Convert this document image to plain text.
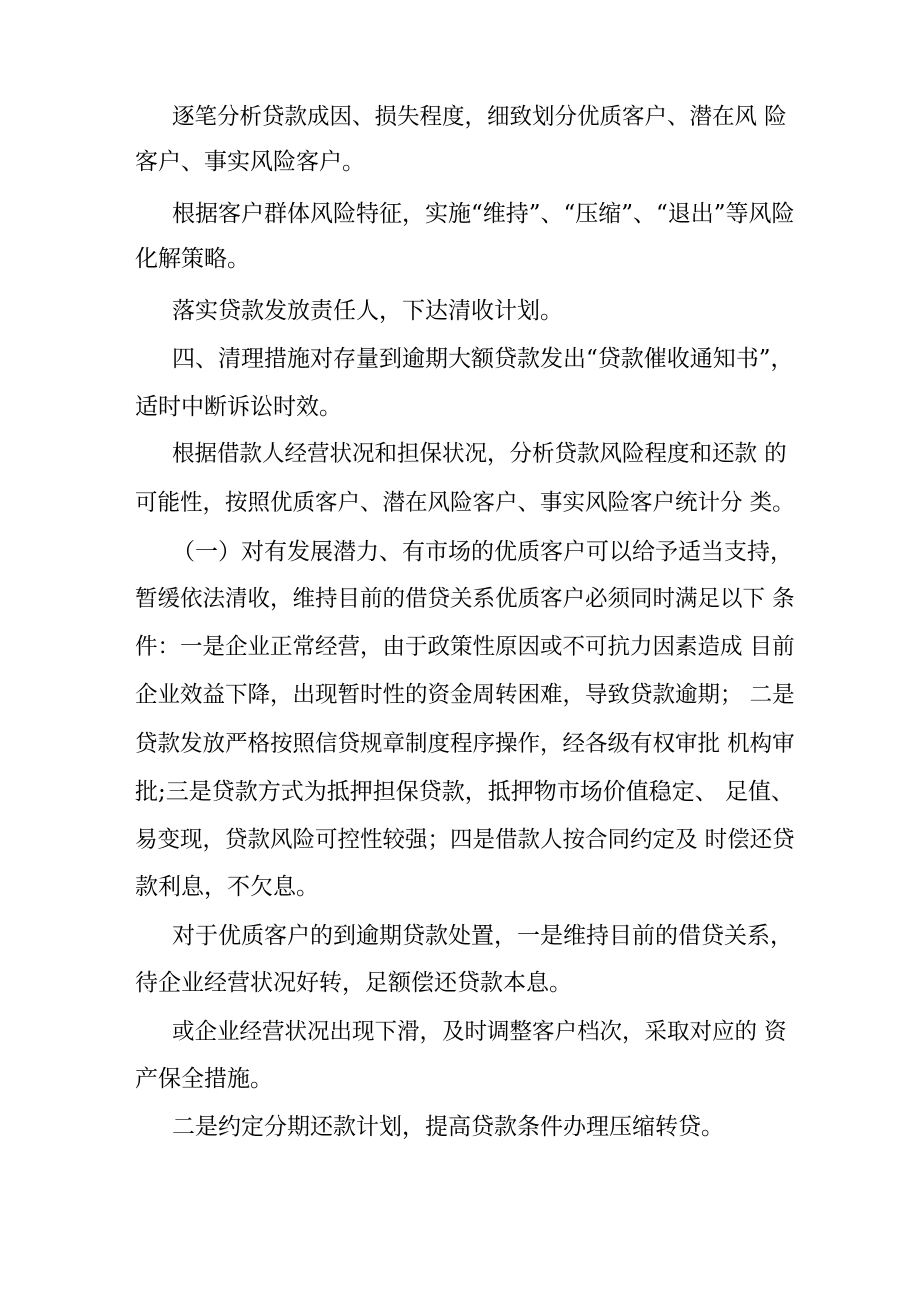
逐笔分析贷款成因、损失程度，细致划分优质客户、潜在风 险
客户、事实风险客户。
根据客户群体风险特征，实施“维持”、“压缩”、“退出”等风险
化解策略。
落实贷款发放责任人，下达清收计划。
四、清理措施对存量到逾期大额贷款发出“贷款催收通知书”，
适时中断诉讼时效。
根据借款人经营状况和担保状况，分析贷款风险程度和还款 的
可能性，按照优质客户、潜在风险客户、事实风险客户统计分 类。
（一）对有发展潜力、有市场的优质客户可以给予适当支持，
暂缓依法清收，维持目前的借贷关系优质客户必须同时满足以下 条
件：一是企业正常经营，由于政策性原因或不可抗力因素造成 目前
企业效益下降，出现暂时性的资金周转困难，导致贷款逾期； 二是
贷款发放严格按照信贷规章制度程序操作，经各级有权审批 机构审
批;三是贷款方式为抵押担保贷款，抵押物市场价值稳定、 足值、
易变现，贷款风险可控性较强；四是借款人按合同约定及 时偿还贷
款利息，不欠息。
对于优质客户的到逾期贷款处置，一是维持目前的借贷关系，
待企业经营状况好转，足额偿还贷款本息。
或企业经营状况出现下滑，及时调整客户档次，采取对应的 资
产保全措施。
二是约定分期还款计划，提高贷款条件办理压缩转贷。
